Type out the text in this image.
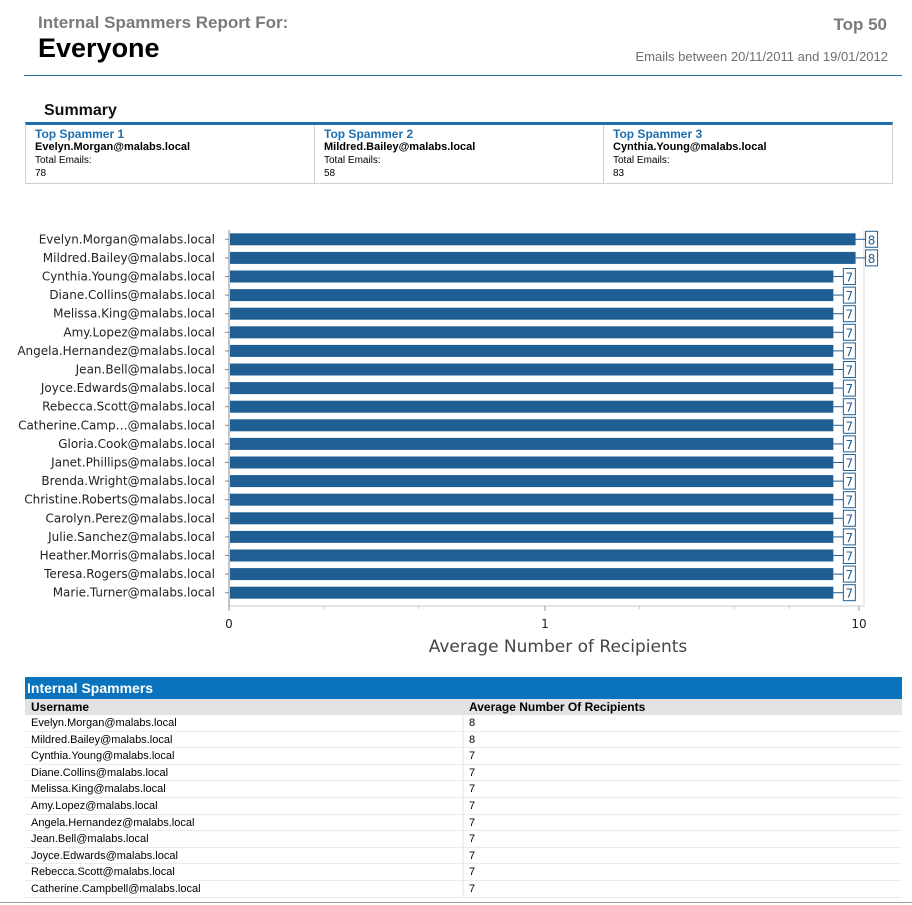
Internal Spammers Report For:
Everyone
Top 50
Emails between 20/11/2011 and 19/01/2012
Summary
Top Spammer 1
Evelyn.Morgan@malabs.local
Total Emails:
78
Top Spammer 2
Mildred.Bailey@malabs.local
Total Emails:
58
Top Spammer 3
Cynthia.Young@malabs.local
Total Emails:
83
Evelyn.Morgan@malabs.local	8
Mildred.Bailey@malabs.local	8
Cynthia.Young@malabs.local	7
Diane.Collins@malabs.local	7
Melissa.King@malabs.local	7
Amy.Lopez@malabs.local	7
Angela.Hernandez@malabs.local	7
Jean.Bell@malabs.local	7
Joyce.Edwards@malabs.local	7
Rebecca.Scott@malabs.local	7
Catherine.Camp…@malabs.local	7
Gloria.Cook@malabs.local	7
Janet.Phillips@malabs.local	7
Brenda.Wright@malabs.local	7
Christine.Roberts@malabs.local	7
Carolyn.Perez@malabs.local	7
Julie.Sanchez@malabs.local	7
Heather.Morris@malabs.local	7
Teresa.Rogers@malabs.local	7
Marie.Turner@malabs.local	7
0	1	10
Average Number of Recipients
Internal Spammers
Username	Average Number Of Recipients
Evelyn.Morgan@malabs.local	8
Mildred.Bailey@malabs.local	8
Cynthia.Young@malabs.local	7
Diane.Collins@malabs.local	7
Melissa.King@malabs.local	7
Amy.Lopez@malabs.local	7
Angela.Hernandez@malabs.local	7
Jean.Bell@malabs.local	7
Joyce.Edwards@malabs.local	7
Rebecca.Scott@malabs.local	7
Catherine.Campbell@malabs.local	7
